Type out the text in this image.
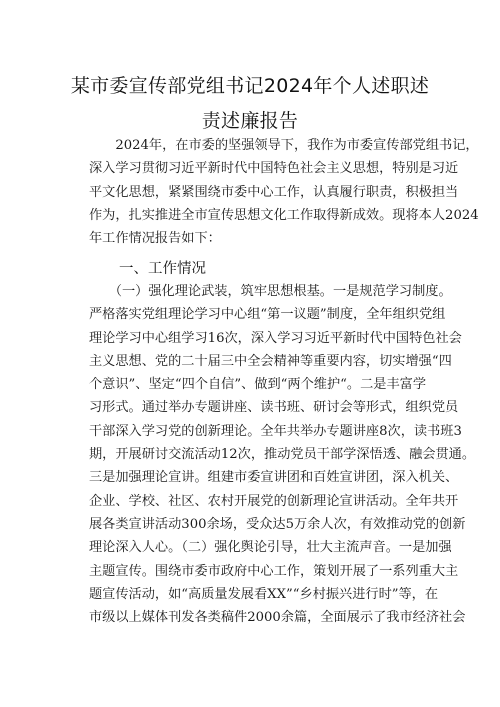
某市委宣传部党组书记2024年个人述职述
责述廉报告
　　2024年，在市委的坚强领导下，我作为市委宣传部党组书记，
深入学习贯彻习近平新时代中国特色社会主义思想，特别是习近
平文化思想，紧紧围绕市委中心工作，认真履行职责，积极担当
作为，扎实推进全市宣传思想文化工作取得新成效。现将本人2024
年工作情况报告如下：
一、工作情况
　　（一）强化理论武装，筑牢思想根基。一是规范学习制度。
严格落实党组理论学习中心组“第一议题”制度，全年组织党组
理论学习中心组学习16次，深入学习习近平新时代中国特色社会
主义思想、党的二十届三中全会精神等重要内容，切实增强“四
个意识”、坚定“四个自信”、做到“两个维护“。二是丰富学
习形式。通过举办专题讲座、读书班、研讨会等形式，组织党员
干部深入学习党的创新理论。全年共举办专题讲座8次，读书班3
期，开展研讨交流活动12次，推动党员干部学深悟透、融会贯通。
三是加强理论宣讲。组建市委宣讲团和百姓宣讲团，深入机关、
企业、学校、社区、农村开展党的创新理论宣讲活动。全年共开
展各类宣讲活动300余场，受众达5万余人次，有效推动党的创新
理论深入人心。（二）强化舆论引导，壮大主流声音。一是加强
主题宣传。围绕市委市政府中心工作，策划开展了一系列重大主
题宣传活动，如“高质量发展看XX”“乡村振兴进行时”等，在
市级以上媒体刊发各类稿件2000余篇，全面展示了我市经济社会
